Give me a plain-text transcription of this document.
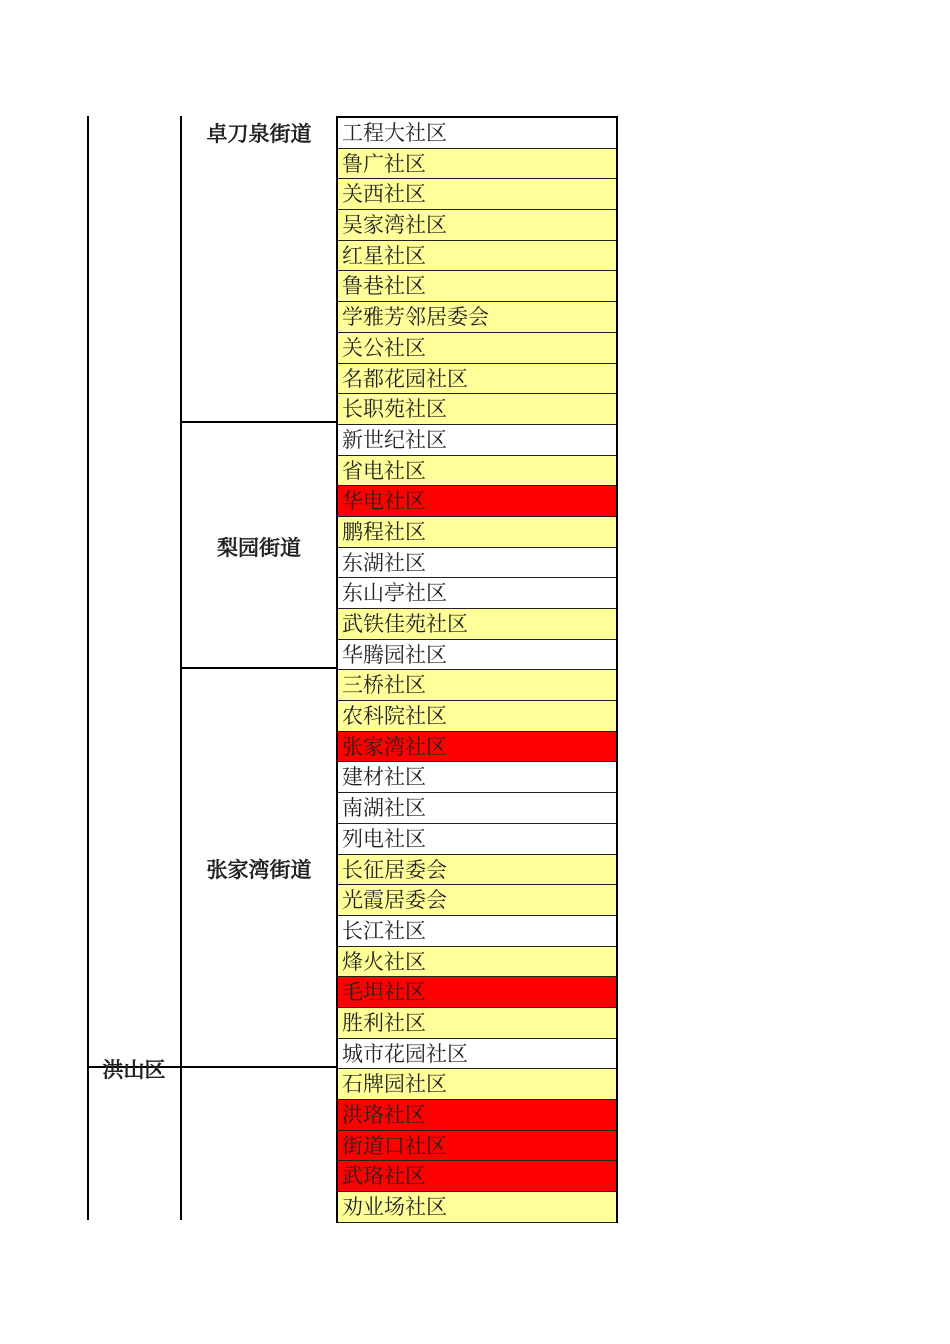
洪山区
卓刀泉街道
梨园街道
张家湾街道
工程大社区
鲁广社区
关西社区
吴家湾社区
红星社区
鲁巷社区
学雅芳邻居委会
关公社区
名都花园社区
长职苑社区
新世纪社区
省电社区
华电社区
鹏程社区
东湖社区
东山亭社区
武铁佳苑社区
华腾园社区
三桥社区
农科院社区
张家湾社区
建材社区
南湖社区
列电社区
长征居委会
光霞居委会
长江社区
烽火社区
毛坦社区
胜利社区
城市花园社区
石牌园社区
洪珞社区
街道口社区
武珞社区
劝业场社区
